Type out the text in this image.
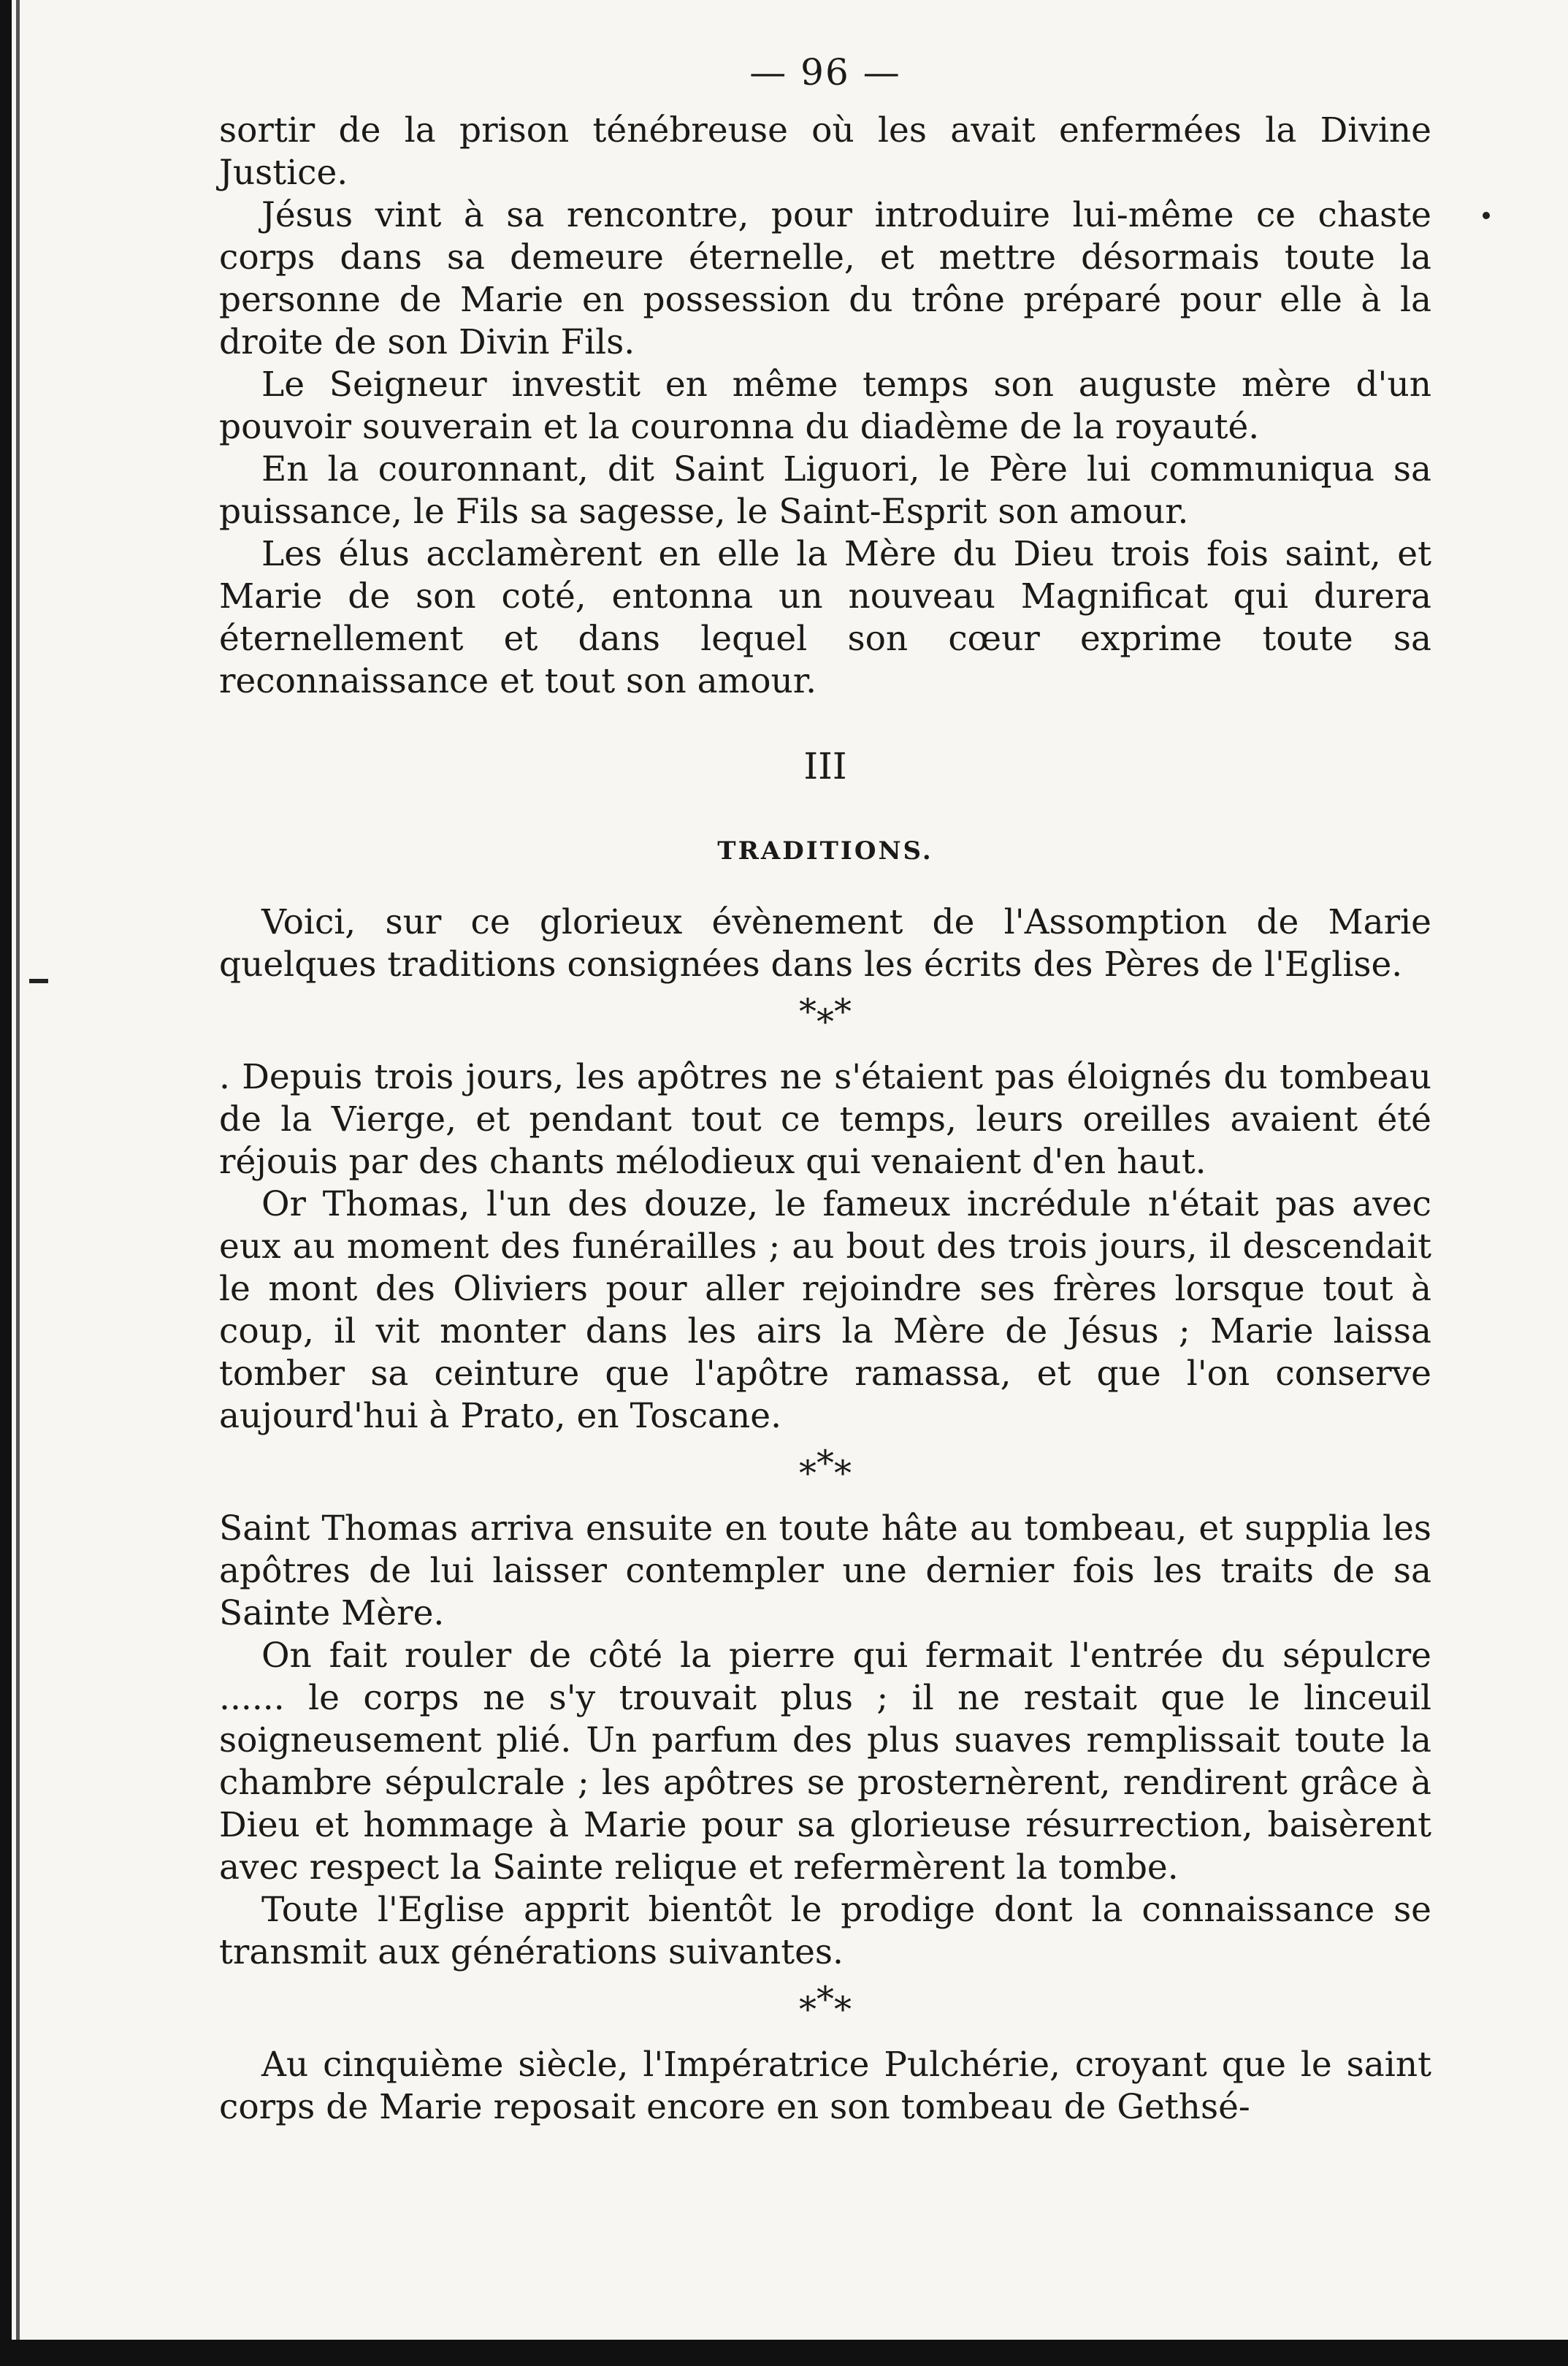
— 96 —

sortir de la prison ténébreuse où les avait enfermées la Divine Justice.

Jésus vint à sa rencontre, pour introduire lui-même ce chaste corps dans sa demeure éternelle, et mettre désormais toute la personne de Marie en possession du trône préparé pour elle à la droite de son Divin Fils.

Le Seigneur investit en même temps son auguste mère d'un pouvoir souverain et la couronna du diadème de la royauté.

En la couronnant, dit Saint Liguori, le Père lui communiqua sa puissance, le Fils sa sagesse, le Saint-Esprit son amour.

Les élus acclamèrent en elle la Mère du Dieu trois fois saint, et Marie de son coté, entonna un nouveau Magnificat qui durera éternellement et dans lequel son cœur exprime toute sa reconnaissance et tout son amour.

III
TRADITIONS.

Voici, sur ce glorieux évènement de l'Assomption de Marie quelques traditions consignées dans les écrits des Pères de l'Eglise.

***

. Depuis trois jours, les apôtres ne s'étaient pas éloignés du tombeau de la Vierge, et pendant tout ce temps, leurs oreilles avaient été réjouis par des chants mélodieux qui venaient d'en haut.

Or Thomas, l'un des douze, le fameux incrédule n'était pas avec eux au moment des funérailles ; au bout des trois jours, il descendait le mont des Oliviers pour aller rejoindre ses frères lorsque tout à coup, il vit monter dans les airs la Mère de Jésus ; Marie laissa tomber sa ceinture que l'apôtre ramassa, et que l'on conserve aujourd'hui à Prato, en Toscane.

***

Saint Thomas arriva ensuite en toute hâte au tombeau, et supplia les apôtres de lui laisser contempler une dernier fois les traits de sa Sainte Mère.

On fait rouler de côté la pierre qui fermait l'entrée du sépulcre ...... le corps ne s'y trouvait plus ; il ne restait que le linceuil soigneusement plié. Un parfum des plus suaves remplissait toute la chambre sépulcrale ; les apôtres se prosternèrent, rendirent grâce à Dieu et hommage à Marie pour sa glorieuse résurrection, baisèrent avec respect la Sainte relique et refermèrent la tombe.

Toute l'Eglise apprit bientôt le prodige dont la connaissance se transmit aux générations suivantes.

***

Au cinquième siècle, l'Impératrice Pulchérie, croyant que le saint corps de Marie reposait encore en son tombeau de Gethsé-
